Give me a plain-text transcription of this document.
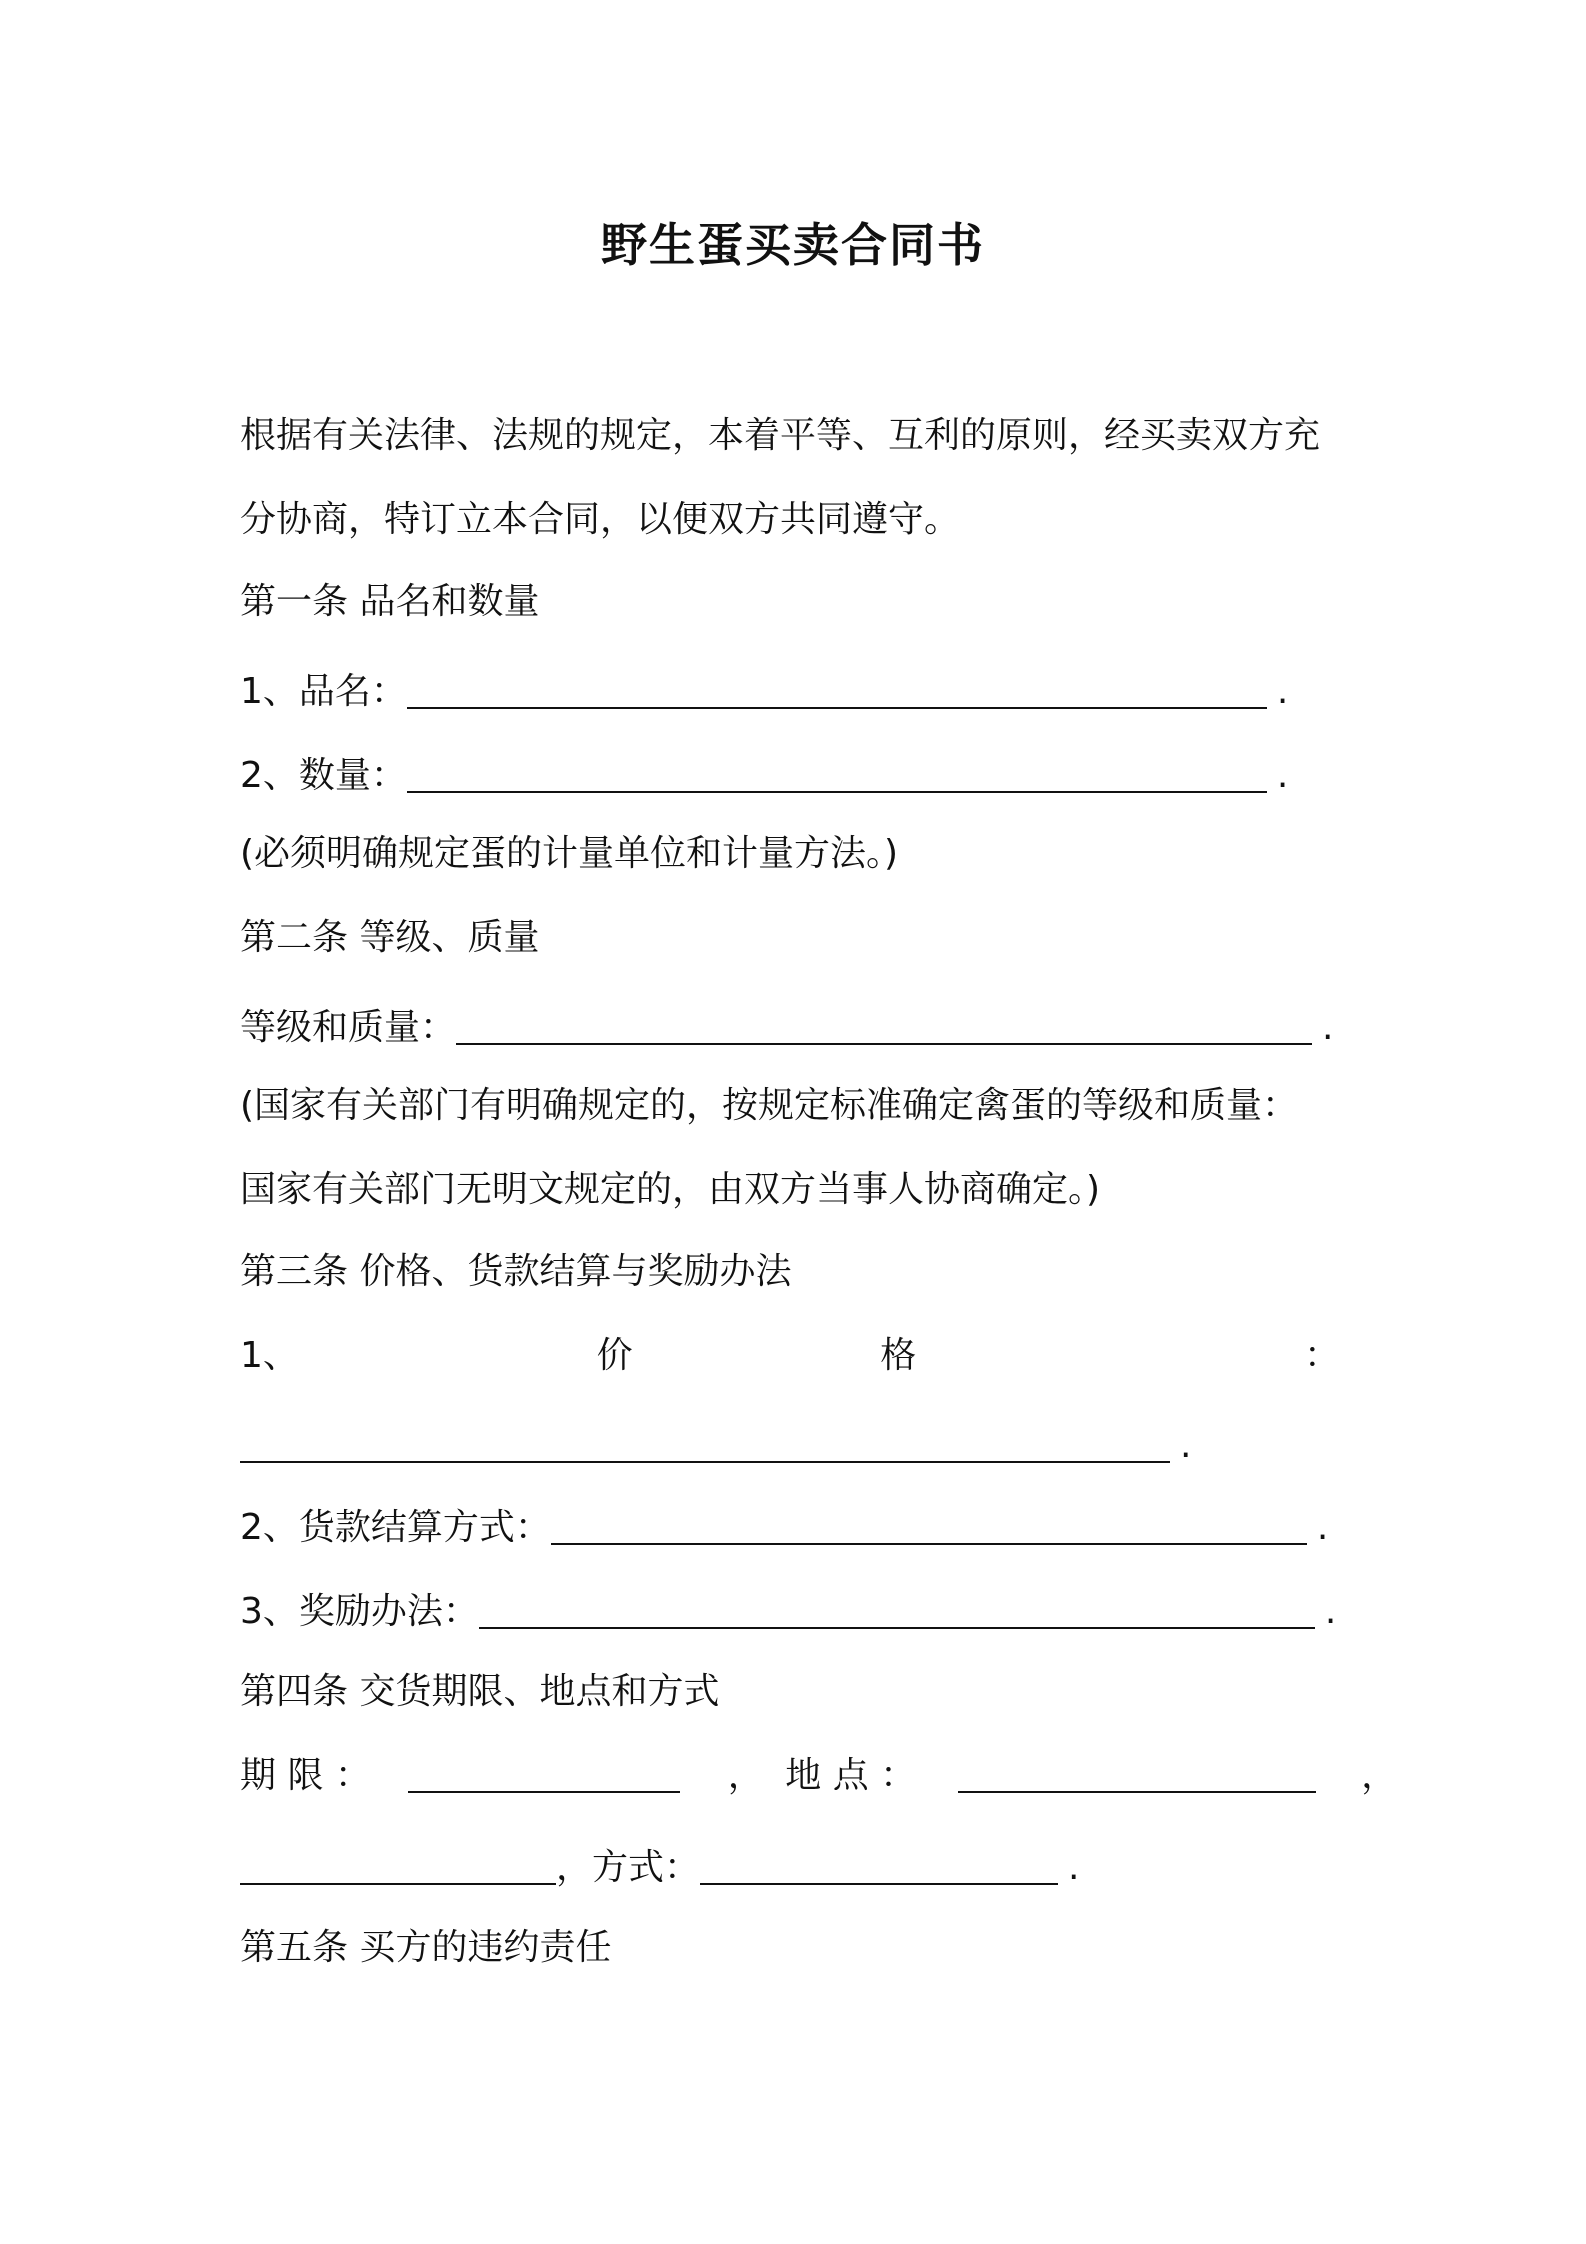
野生蛋买卖合同书
根据有关法律、法规的规定，本着平等、互利的原则，经买卖双方充
分协商，特订立本合同，以便双方共同遵守。
第一条 品名和数量
1、品名：	.
2、数量：	.
(必须明确规定蛋的计量单位和计量方法。)
第二条 等级、质量
等级和质量：	.
(国家有关部门有明确规定的，按规定标准确定禽蛋的等级和质量：
国家有关部门无明文规定的，由双方当事人协商确定。)
第三条 价格、货款结算与奖励办法
1、	价	格	：
.
2、货款结算方式：	.
3、奖励办法：	.
第四条 交货期限、地点和方式
期 限 ：	， 地 点 ：	，
，方式：	.
第五条 买方的违约责任
